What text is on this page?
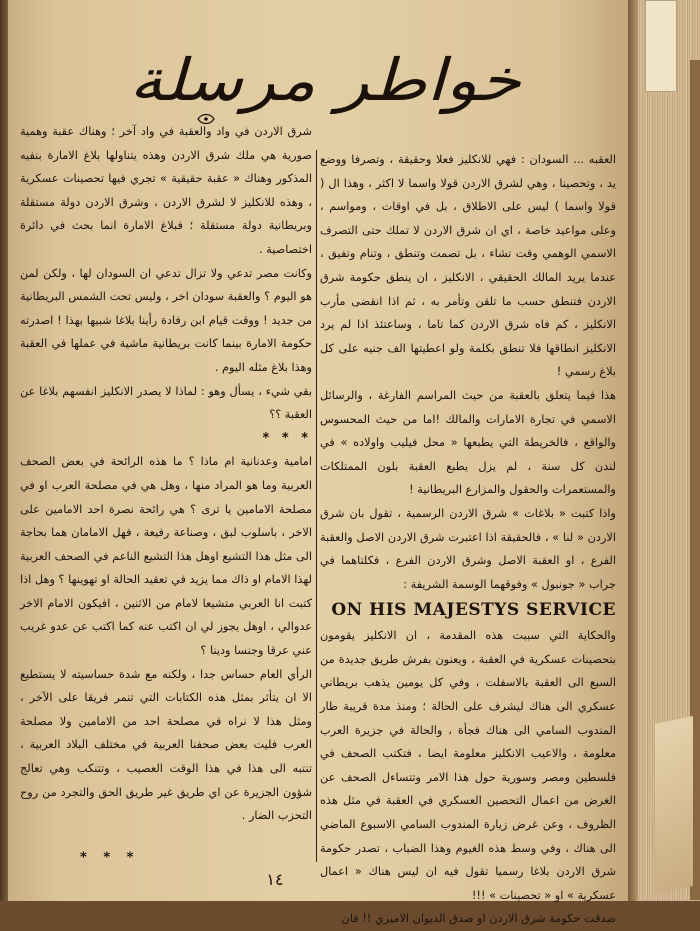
خواطر مرسلة

العقبه ... السودان : فهي للانكليز فعلا وحقيقة ، وتصرفا ووضع يد ، وتحصينا ، وهي لشرق الاردن قولا واسما لا اكثر ، وهذا ال ( قولا واسما ) ليس على الاطلاق ، بل في اوقات ، ومواسم ، وعلى مواعيد خاصة ، اي ان شرق الاردن لا تملك حتى التصرف الاسمي الوهمي وقت تشاء ، بل تصمت وتنطق ، وتنام وتفيق ، عندما يريد المالك الحقيقي ، الانكليز ، ان ينطق حكومة شرق الاردن فتنطق حسب ما تلقن وتأمر به ، ثم اذا انقضى مأرب الانكليز ، كم فاه شرق الاردن كما تاما ، وساعتئذ اذا لم يرد الانكليز انطاقها فلا تنطق بكلمة ولو اعطيتها الف جنيه على كل بلاغ رسمي !

هذا فيما يتعلق بالعقبة من حيث المراسم الفارغة ، والرسائل الاسمي في تجارة الامارات والمالك !اما من حيث المحسوس والواقع ، فالخريطة التي يطبعها « محل فيليب واولاده » في لندن كل سنة ، لم يزل يطبع العقبة بلون الممتلكات والمستعمرات والحقول والمزارع البريطانية !

واذا كتبت « بلاغات » شرق الاردن الرسمية ، تقول بان شرق الاردن « لنا » ، فالحقيقة اذا اعتبرت شرق الاردن الاصل والعقبة الفرع ، او العقبة الاصل وشرق الاردن الفرع ، فكلتاهما في جراب « جونبول » وفوقهما الوسمة الشريفة :

ON HIS MAJESTYS SERVICE

والحكاية التي سببت هذه المقدمة ، ان الانكليز يقومون بتحصينات عسكرية في العقبة ، ويعنون بفرش طريق جديدة من السبع الى العقبة بالاسفلت ، وفي كل يومين يذهب بريطاني عسكري الى هناك ليشرف على الحالة ؛ ومنذ مدة قريبة طار المندوب السامي الى هناك فجأة ، والحالة في جزيرة العرب معلومة ، والاعيب الانكليز معلومة ايضا ، فتكتب الصحف في فلسطين ومصر وسورية حول هذا الامر وتتساءل الصحف عن الغرض من اعمال التحصين العسكري في العقبة في مثل هذه الظروف ، وعن غرض زيارة المندوب السامي الاسبوع الماضي الى هناك ، وفي وسط هذه الغيوم وهذا الضباب ، تصدر حكومة شرق الاردن بلاغا رسميا تقول فيه ان ليس هناك « اعمال عسكرية » او « تحصينات » !!!

صدقت حكومة شرق الاردن او صدق الديوان الاميري !! فان

شرق الاردن في واد والعقبة في واد آخر ؛ وهناك عقبة وهمية صورية هي ملك شرق الاردن وهذه يتناولها بلاغ الامارة بنفيه المذكور وهناك « عقبة حقيقية » تجري فيها تحصينات عسكرية ، وهذه للانكليز لا لشرق الاردن ، وشرق الاردن دولة مستقلة وبريطانية دولة مستقلة ؛ فبلاغ الامارة انما بحث في دائرة اختصاصية .

وكانت مصر تدعي ولا تزال تدعي ان السودان لها ، ولكن لمن هو اليوم ؟ والعقبة سودان اخر ، وليس تحت الشمس البريطانية من جديد ! ووقت قيام ابن رفادة رأينا بلاغا شبيها بهذا ! اصدرته حكومة الامارة بينما كانت بريطانية ماشية في عملها في العقبة وهذا بلاغ مثله اليوم .

بقي شيء ، يسأل وهو : لماذا لا يصدر الانكليز انفسهم بلاغا عن العقبة ؟؟

* * *

امامية وعدنانية ام ماذا ؟ ما هذه الرائحة في بعض الصحف العربية وما هو المراد منها ، وهل هي في مصلحة العرب او في مصلحة الامامين يا ترى ؟ هي رائحة نصرة احد الامامين على الاخر ، باسلوب لبق ، وصناعة رفيعة ، فهل الامامان هما بحاجة الى مثل هذا التشيع اوهل هذا التشيع الناعم في الصحف العربية لهذا الامام او ذاك مما يزيد في تعقيد الحالة او تهوينها ؟ وهل اذا كتبت انا العربي متشيعا لامام من الاثنين ، افيكون الامام الاخر عدوالي ، اوهل يجوز لي ان اكتب عنه كما اكتب عن عدو غريب عني عرقا وجنسا ودينا ؟

الرأي العام حساس جدا ، ولكنه مع شدة حساسيته لا يستطيع الا ان يتأثر بمثل هذه الكتابات التي تنمر فريقا على الآخر ، ومثل هذا لا نراه في مصلحة احد من الامامين ولا مصلحة العرب فليت بعض صحفنا العربية في مختلف البلاد العربية ، تنتبه الى هذا في هذا الوقت العصيب ، وتتنكب وهي تعالج شؤون الجزيرة عن اي طريق غير طريق الحق والتجرد من روح التحزب الضار .

* * *
١٤
